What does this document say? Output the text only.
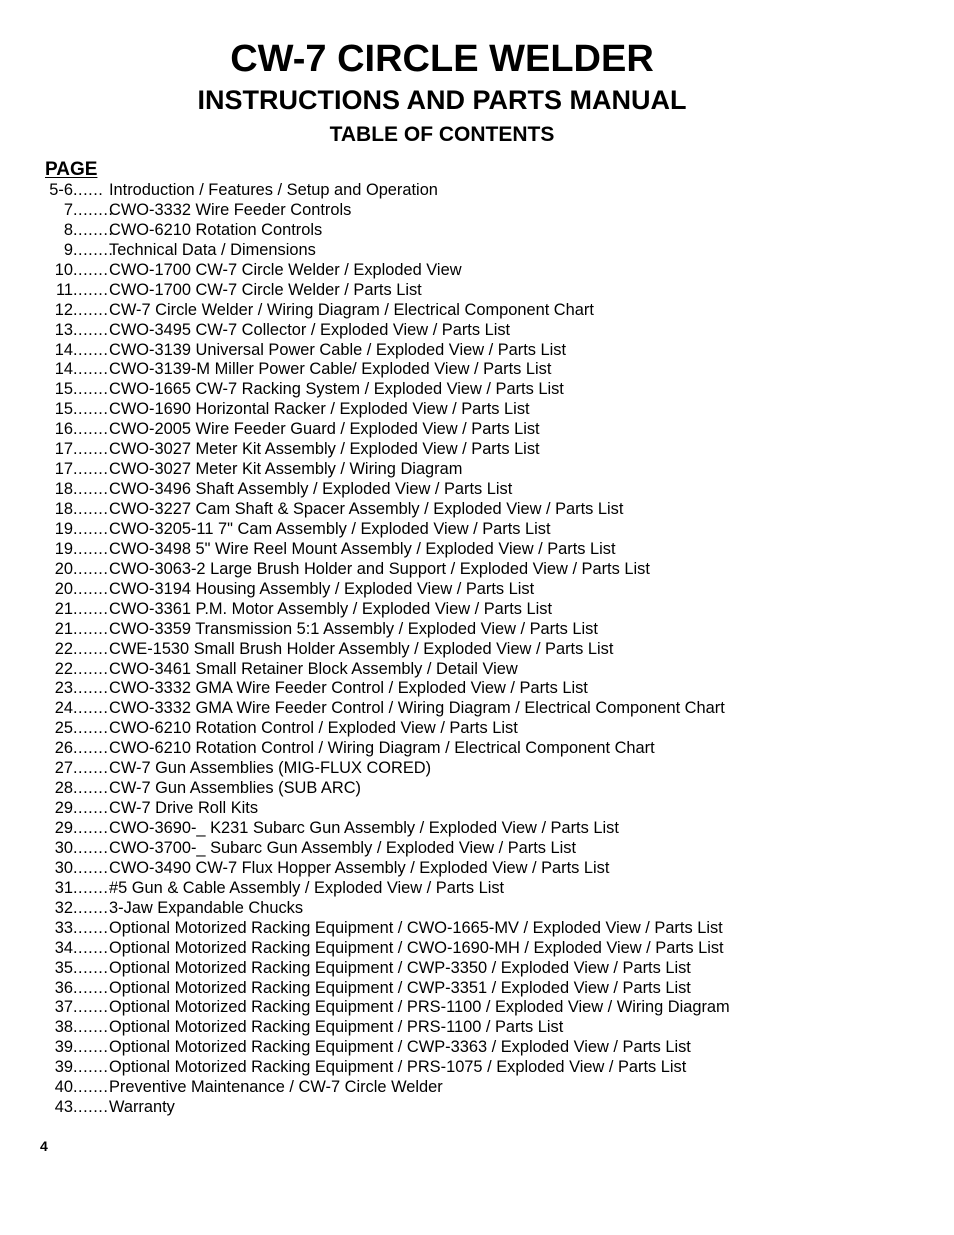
CW-7 CIRCLE WELDER
INSTRUCTIONS AND PARTS MANUAL
TABLE OF CONTENTS
PAGE
5-6...... Introduction / Features / Setup and Operation
7........CWO-3332 Wire Feeder Controls
8........CWO-6210 Rotation Controls
9........Technical Data / Dimensions
10.......CWO-1700 CW-7 Circle Welder / Exploded View
11.......CWO-1700 CW-7 Circle Welder / Parts List
12.......CW-7 Circle Welder / Wiring Diagram / Electrical Component Chart
13.......CWO-3495 CW-7 Collector / Exploded View / Parts List
14.......CWO-3139 Universal Power Cable / Exploded View / Parts List
14.......CWO-3139-M Miller Power Cable/ Exploded View / Parts List
15.......CWO-1665 CW-7 Racking System / Exploded View / Parts List
15.......CWO-1690 Horizontal Racker / Exploded View / Parts List
16.......CWO-2005 Wire Feeder Guard / Exploded View / Parts List
17.......CWO-3027 Meter Kit Assembly / Exploded View / Parts List
17.......CWO-3027 Meter Kit Assembly / Wiring Diagram
18.......CWO-3496 Shaft Assembly / Exploded View / Parts List
18.......CWO-3227 Cam Shaft & Spacer Assembly / Exploded View / Parts List
19.......CWO-3205-11 7" Cam Assembly / Exploded View / Parts List
19.......CWO-3498 5" Wire Reel Mount Assembly / Exploded View / Parts List
20.......CWO-3063-2 Large Brush Holder and Support / Exploded View / Parts List
20.......CWO-3194 Housing Assembly / Exploded View / Parts List
21.......CWO-3361 P.M. Motor Assembly / Exploded View / Parts List
21.......CWO-3359 Transmission 5:1 Assembly / Exploded View / Parts List
22.......CWE-1530 Small Brush Holder Assembly / Exploded View / Parts List
22.......CWO-3461 Small Retainer Block Assembly / Detail View
23.......CWO-3332 GMA Wire Feeder Control / Exploded View / Parts List
24.......CWO-3332 GMA Wire Feeder Control / Wiring Diagram / Electrical Component Chart
25.......CWO-6210 Rotation Control / Exploded View / Parts List
26.......CWO-6210 Rotation Control / Wiring Diagram / Electrical Component Chart
27.......CW-7 Gun Assemblies (MIG-FLUX CORED)
28.......CW-7 Gun Assemblies (SUB ARC)
29.......CW-7 Drive Roll Kits
29.......CWO-3690-_ K231 Subarc Gun Assembly / Exploded View / Parts List
30.......CWO-3700-_ Subarc Gun Assembly / Exploded View / Parts List
30.......CWO-3490 CW-7 Flux Hopper Assembly / Exploded View / Parts List
31.......#5 Gun & Cable Assembly / Exploded View / Parts List
32.......3-Jaw Expandable Chucks
33.......Optional Motorized Racking Equipment / CWO-1665-MV / Exploded View / Parts List
34.......Optional Motorized Racking Equipment / CWO-1690-MH / Exploded View / Parts List
35.......Optional Motorized Racking Equipment / CWP-3350 / Exploded View / Parts List
36.......Optional Motorized Racking Equipment / CWP-3351 / Exploded View / Parts List
37.......Optional Motorized Racking Equipment / PRS-1100 / Exploded View / Wiring Diagram
38.......Optional Motorized Racking Equipment / PRS-1100 / Parts List
39.......Optional Motorized Racking Equipment / CWP-3363 / Exploded View / Parts List
39.......Optional Motorized Racking Equipment / PRS-1075 / Exploded View / Parts List
40.......Preventive Maintenance / CW-7 Circle Welder
43.......Warranty
4
